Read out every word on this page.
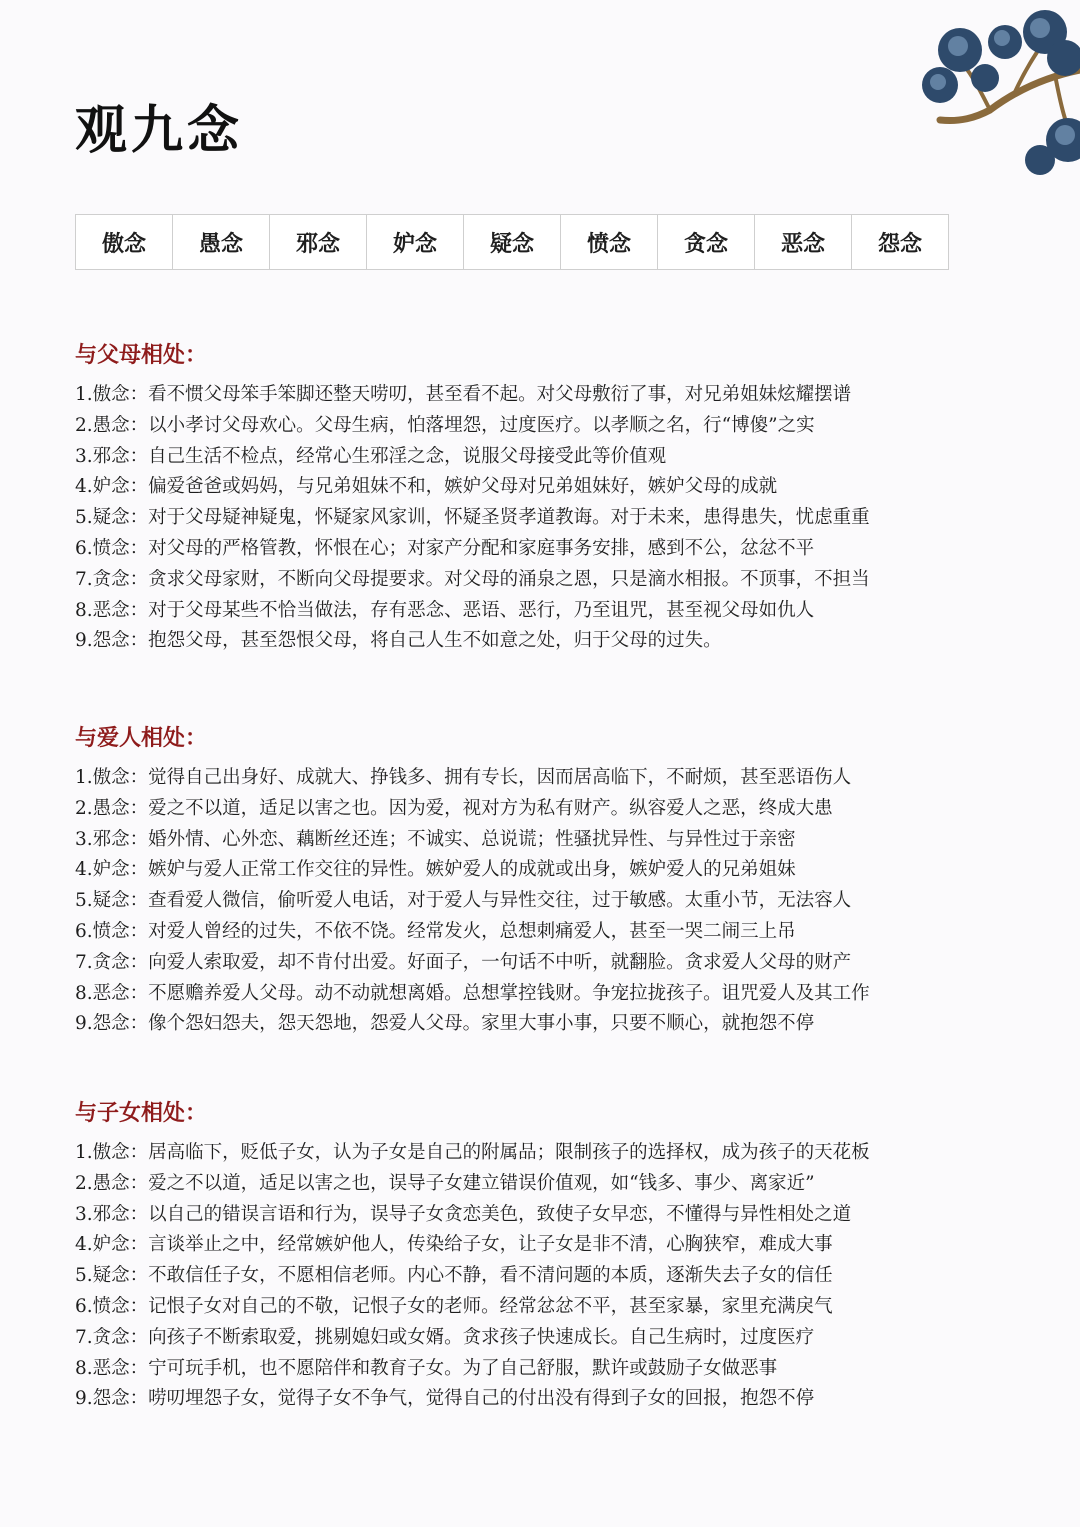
观九念
傲念	愚念	邪念	妒念	疑念	愤念	贪念	恶念	怨念
与父母相处：
1.傲念： 看不惯父母笨手笨脚还整天唠叨，甚至看不起。对父母敷衍了事，对兄弟姐妹炫耀摆谱
2.愚念： 以小孝讨父母欢心。父母生病，怕落埋怨，过度医疗。以孝顺之名，行“博傻”之实
3.邪念： 自己生活不检点，经常心生邪淫之念，说服父母接受此等价值观
4.妒念： 偏爱爸爸或妈妈，与兄弟姐妹不和，嫉妒父母对兄弟姐妹好，嫉妒父母的成就
5.疑念： 对于父母疑神疑鬼，怀疑家风家训，怀疑圣贤孝道教诲。对于未来，患得患失，忧虑重重
6.愤念： 对父母的严格管教，怀恨在心；对家产分配和家庭事务安排，感到不公，忿忿不平
7.贪念： 贪求父母家财，不断向父母提要求。对父母的涌泉之恩，只是滴水相报。不顶事，不担当
8.恶念： 对于父母某些不恰当做法，存有恶念、恶语、恶行，乃至诅咒，甚至视父母如仇人
9.怨念： 抱怨父母，甚至怨恨父母，将自己人生不如意之处，归于父母的过失。
与爱人相处：
1.傲念： 觉得自己出身好、成就大、挣钱多、拥有专长，因而居高临下，不耐烦，甚至恶语伤人
2.愚念： 爱之不以道，适足以害之也。因为爱，视对方为私有财产。纵容爱人之恶，终成大患
3.邪念： 婚外情、心外恋、藕断丝还连；不诚实、总说谎；性骚扰异性、与异性过于亲密
4.妒念： 嫉妒与爱人正常工作交往的异性。嫉妒爱人的成就或出身，嫉妒爱人的兄弟姐妹
5.疑念： 查看爱人微信，偷听爱人电话，对于爱人与异性交往，过于敏感。太重小节，无法容人
6.愤念： 对爱人曾经的过失，不依不饶。经常发火，总想刺痛爱人，甚至一哭二闹三上吊
7.贪念： 向爱人索取爱，却不肯付出爱。好面子，一句话不中听，就翻脸。贪求爱人父母的财产
8.恶念： 不愿赡养爱人父母。动不动就想离婚。总想掌控钱财。争宠拉拢孩子。诅咒爱人及其工作
9.怨念： 像个怨妇怨夫，怨天怨地，怨爱人父母。家里大事小事，只要不顺心，就抱怨不停
与子女相处：
1.傲念： 居高临下，贬低子女，认为子女是自己的附属品；限制孩子的选择权，成为孩子的天花板
2.愚念： 爱之不以道，适足以害之也，误导子女建立错误价值观，如“钱多、事少、离家近”
3.邪念： 以自己的错误言语和行为，误导子女贪恋美色，致使子女早恋，不懂得与异性相处之道
4.妒念： 言谈举止之中，经常嫉妒他人，传染给子女，让子女是非不清，心胸狭窄，难成大事
5.疑念： 不敢信任子女，不愿相信老师。内心不静，看不清问题的本质，逐渐失去子女的信任
6.愤念： 记恨子女对自己的不敬，记恨子女的老师。经常忿忿不平，甚至家暴，家里充满戾气
7.贪念： 向孩子不断索取爱，挑剔媳妇或女婿。贪求孩子快速成长。自己生病时，过度医疗
8.恶念： 宁可玩手机，也不愿陪伴和教育子女。为了自己舒服，默许或鼓励子女做恶事
9.怨念： 唠叨埋怨子女，觉得子女不争气，觉得自己的付出没有得到子女的回报，抱怨不停
